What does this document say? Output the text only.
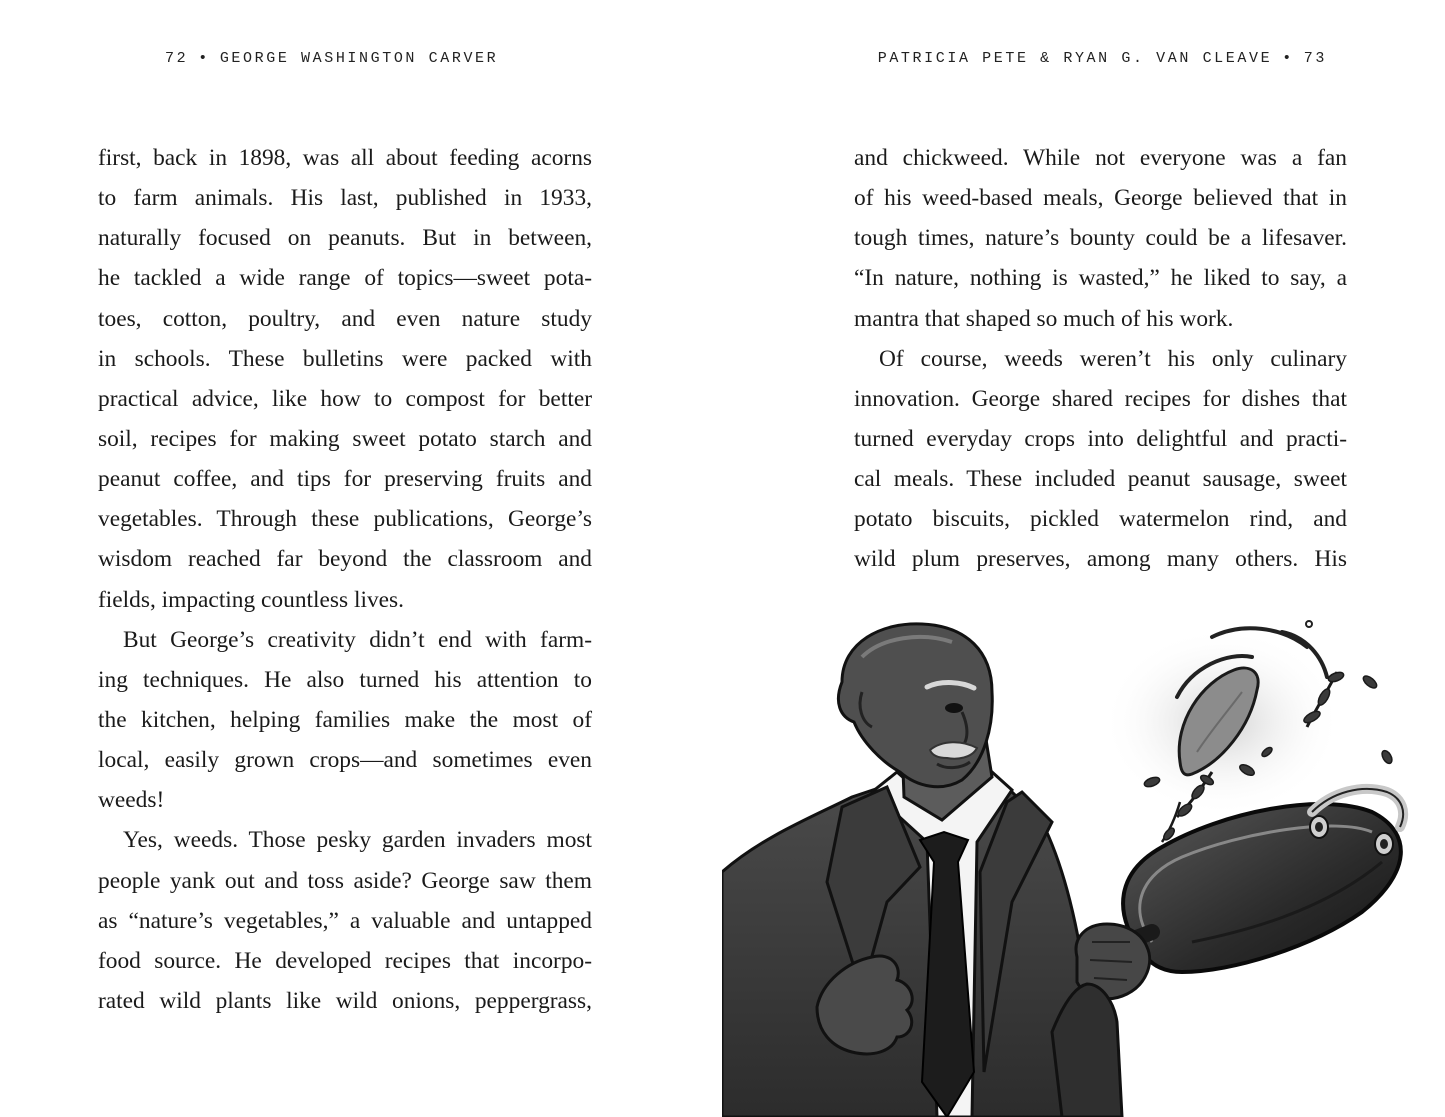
72 • GEORGE WASHINGTON CARVER
first, back in 1898, was all about feeding acorns
to farm animals. His last, published in 1933,
naturally focused on peanuts. But in between,
he tackled a wide range of topics—sweet pota-
toes, cotton, poultry, and even nature study
in schools. These bulletins were packed with
practical advice, like how to compost for better
soil, recipes for making sweet potato starch and
peanut coffee, and tips for preserving fruits and
vegetables. Through these publications, George’s
wisdom reached far beyond the classroom and
fields, impacting countless lives.
But George’s creativity didn’t end with farm-
ing techniques. He also turned his attention to
the kitchen, helping families make the most of
local, easily grown crops—and sometimes even
weeds!
Yes, weeds. Those pesky garden invaders most
people yank out and toss aside? George saw them
as “nature’s vegetables,” a valuable and untapped
food source. He developed recipes that incorpo-
rated wild plants like wild onions, peppergrass,
PATRICIA PETE & RYAN G. VAN CLEAVE • 73
and chickweed. While not everyone was a fan
of his weed-based meals, George believed that in
tough times, nature’s bounty could be a lifesaver.
“In nature, nothing is wasted,” he liked to say, a
mantra that shaped so much of his work.
Of course, weeds weren’t his only culinary
innovation. George shared recipes for dishes that
turned everyday crops into delightful and practi-
cal meals. These included peanut sausage, sweet
potato biscuits, pickled watermelon rind, and
wild plum preserves, among many others. His
